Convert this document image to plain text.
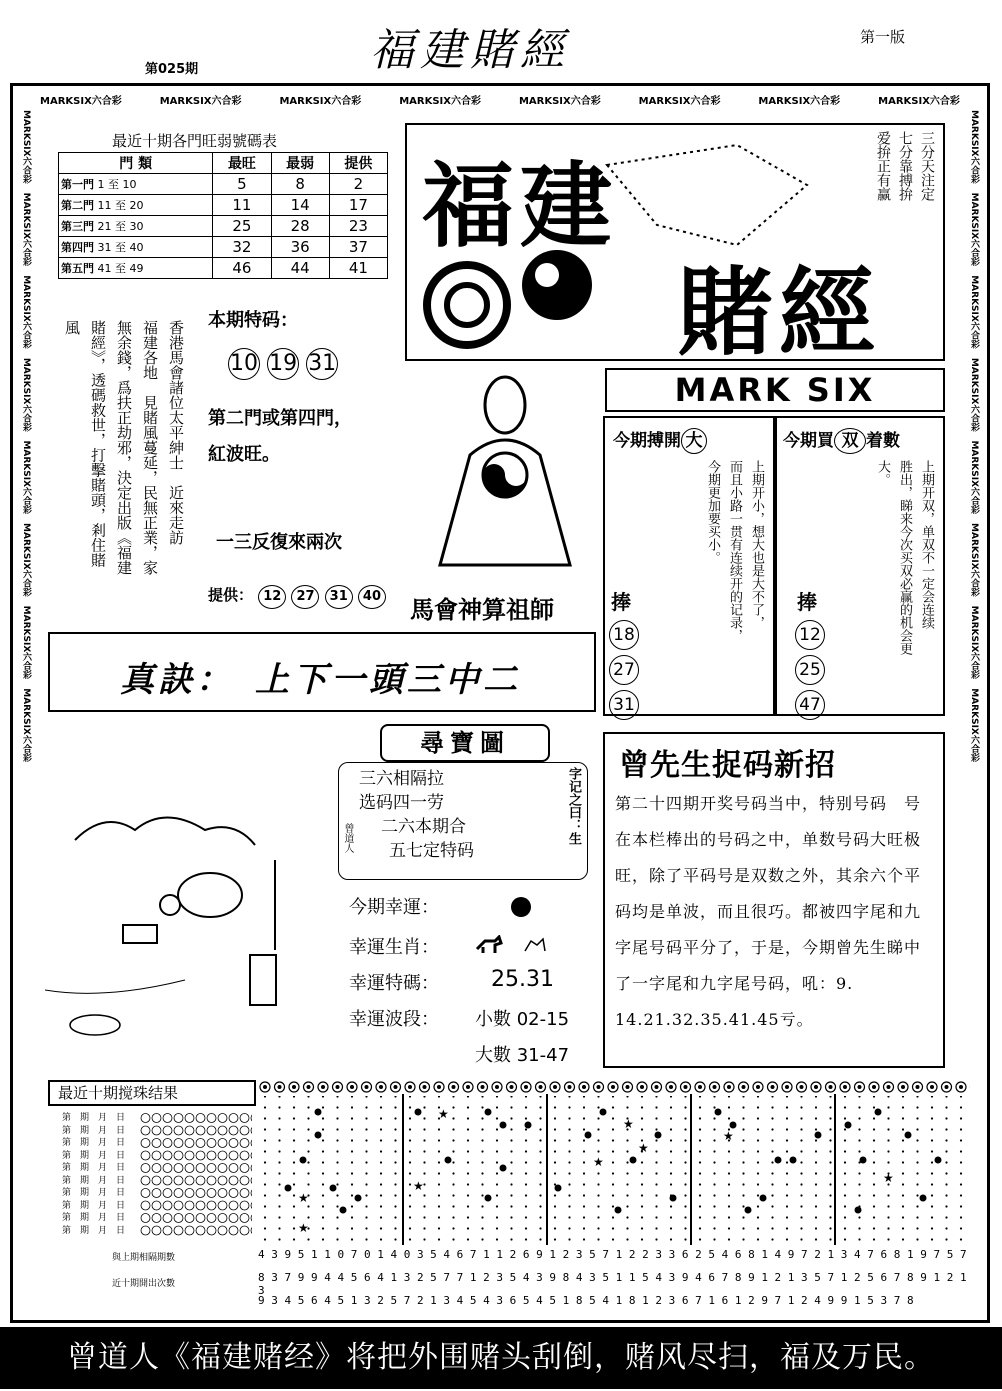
福建賭經
第025期
第一版
MARKSIX六合彩	MARKSIX六合彩	MARKSIX六合彩	MARKSIX六合彩	MARKSIX六合彩	MARKSIX六合彩	MARKSIX六合彩	MARKSIX六合彩
MARKSIX六合彩　MARKSIX六合彩　MARKSIX六合彩　MARKSIX六合彩　MARKSIX六合彩　MARKSIX六合彩　MARKSIX六合彩　MARKSIX六合彩
MARKSIX六合彩　MARKSIX六合彩　MARKSIX六合彩　MARKSIX六合彩　MARKSIX六合彩　MARKSIX六合彩　MARKSIX六合彩　MARKSIX六合彩
最近十期各門旺弱號碼表
門 類	最旺	最弱	提供
第一門 1 至 10	5	8	2
第二門 11 至 20	11	14	17
第三門 21 至 30	25	28	23
第四門 31 至 40	32	36	37
第五門 41 至 49	46	44	41
福建
賭經
三分天注定
七分靠搏拚
爱拚正有赢
香港馬會諸位太平紳士　近來走訪
福建各地　見賭風蔓延，民無正業，家
無余錢，爲扶正劫邪，決定出版《福建
賭經》，透碼救世，打擊賭頭，剎住賭
風	本期特码：
10 19 31
第二門或第四門，
紅波旺。
一三反復來兩次
提供： 12 27 31 40 馬會神算祖師
MARK SIX
今期搏開 大
上期开小，想大也是大不了，
而且小路一贯有连续开的记录，
今期更加要买小。
捧
18
27
31
今期買 双 着數
上期开双，单双不一定会连续
胜出，睇来今次买双必赢的机会更
大。
捧
12
25
47
真訣：　上下一頭三中二
尋寶圖
三六相隔拉
选码四一劳
二六本期合
五七定特码
字记之曰：生
曾道人
今期幸運：
幸運生肖：
幸運特碼： 25.31
幸運波段： 小數 02-15
大數 31-47
曾先生捉码新招
第二十四期开奖号码当中，特别号码　号在本栏棒出的号码之中，单数号码大旺极旺，除了平码号是双数之外，其余六个平码均是单波，而且很巧。都被四字尾和九字尾号码平分了，于是，今期曾先生睇中了一字尾和九字尾号码，吼：9. 14.21.32.35.41.45亏。
最近十期搅珠结果
第　期　月　日
第　期　月　日
第　期　月　日
第　期　月　日
第　期　月　日
第　期　月　日
第　期　月　日
第　期　月　日
第　期　月　日
第　期　月　日
與上期相隔期數
近十期開出次數
★
★
★
★
★
★
★
★
★
4 3 9 5 1 1 0 7 0 1 4 0 3 5 4 6 7 1 1 2 6 9 1 2 3 5 7 1 2 2 3 3 6 2 5 4 6 8 1 4 9 7 2 1 3 4 7 6 8 1 9 7 5 7
8 3 7 9 9 4 4 5 6 4 1 3 2 5 7 7 1 2 3 5 4 3 9 8 4 3 5 1 1 5 4 3 9 4 6 7 8 9 1 2 1 3 5 7 1 2 5 6 7 8 9 1 2 1 3
9 3 4 5 6 4 5 1 3 2 5 7 2 1 3 4 5 4 3 6 5 4 5 1 8 5 4 1 8 1 2 3 6 7 1 6 1 2 9 7 1 2 4 9 9 1 5 3 7 8
曾道人《福建赌经》将把外围赌头刮倒，赌风尽扫，福及万民。
